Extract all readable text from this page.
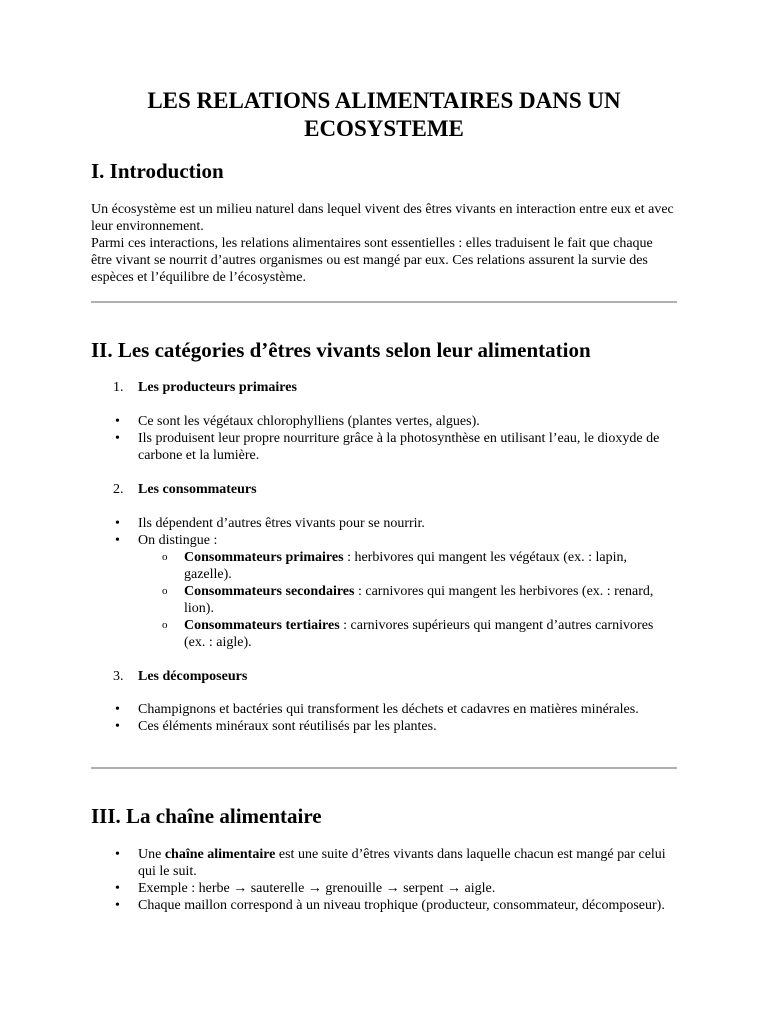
LES RELATIONS ALIMENTAIRES DANS UN ECOSYSTEME
I. Introduction

Un écosystème est un milieu naturel dans lequel vivent des êtres vivants en interaction entre eux et avec leur environnement.

Parmi ces interactions, les relations alimentaires sont essentielles : elles traduisent le fait que chaque être vivant se nourrit d’autres organismes ou est mangé par eux. Ces relations assurent la survie des espèces et l’équilibre de l’écosystème.

II. Les catégories d’êtres vivants selon leur alimentation
1. Les producteurs primaires
• Ce sont les végétaux chlorophylliens (plantes vertes, algues).
• Ils produisent leur propre nourriture grâce à la photosynthèse en utilisant l’eau, le dioxyde de carbone et la lumière.
2. Les consommateurs
• Ils dépendent d’autres êtres vivants pour se nourrir.
• On distingue :
o Consommateurs primaires : herbivores qui mangent les végétaux (ex. : lapin, gazelle).
o Consommateurs secondaires : carnivores qui mangent les herbivores (ex. : renard, lion).
o Consommateurs tertiaires : carnivores supérieurs qui mangent d’autres carnivores (ex. : aigle).
3. Les décomposeurs
• Champignons et bactéries qui transforment les déchets et cadavres en matières minérales.
• Ces éléments minéraux sont réutilisés par les plantes.
III. La chaîne alimentaire
• Une chaîne alimentaire est une suite d’êtres vivants dans laquelle chacun est mangé par celui qui le suit.
• Exemple : herbe → sauterelle → grenouille → serpent → aigle.
• Chaque maillon correspond à un niveau trophique (producteur, consommateur, décomposeur).
